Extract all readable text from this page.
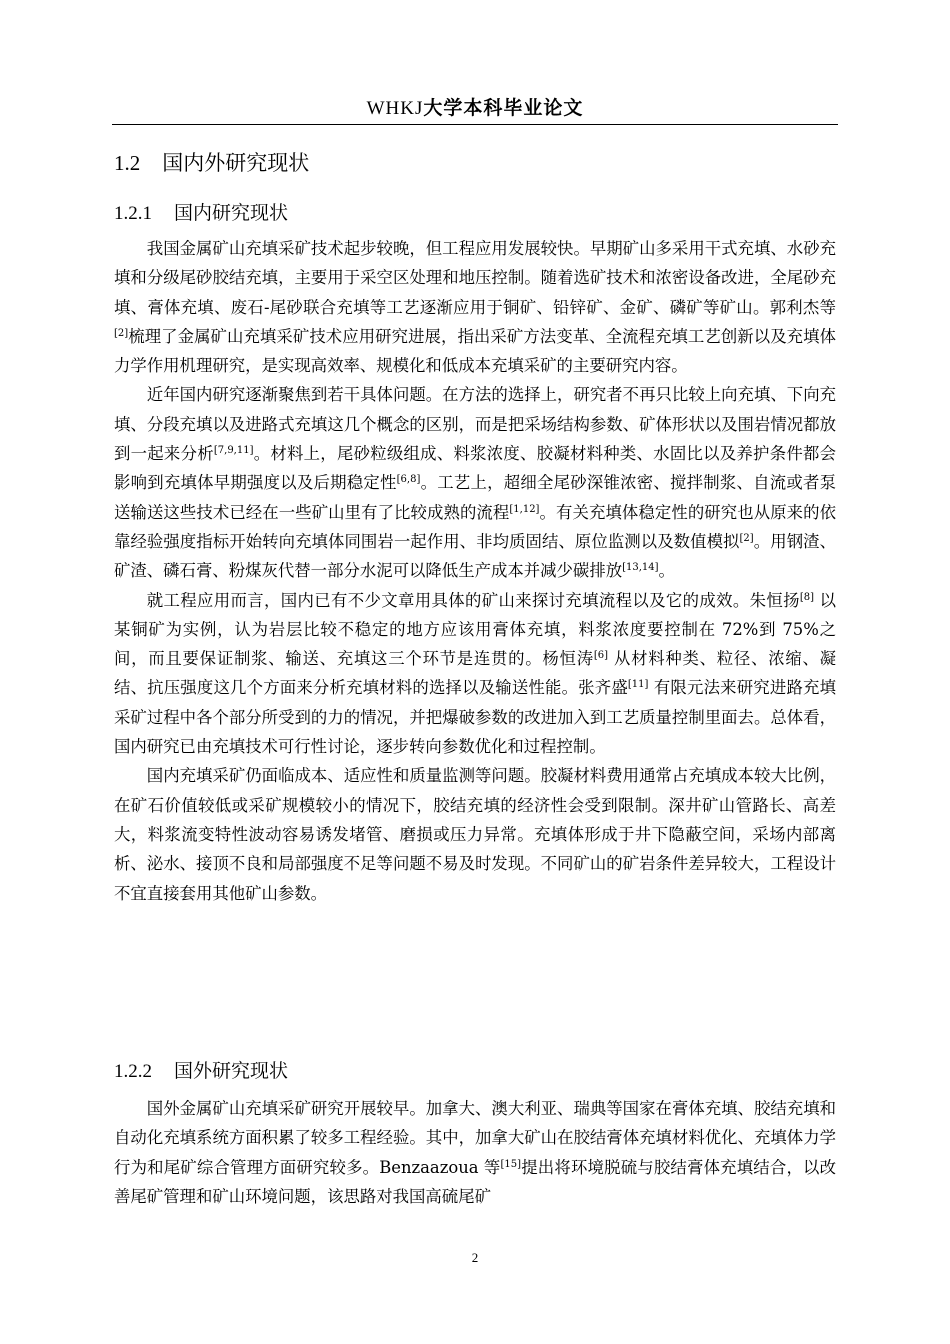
WHKJ大学本科毕业论文
1.2 国内外研究现状
1.2.1 国内研究现状

我国金属矿山充填采矿技术起步较晚，但工程应用发展较快。早期矿山多采用干式充填、水砂充填和分级尾砂胶结充填，主要用于采空区处理和地压控制。随着选矿技术和浓密设备改进，全尾砂充填、膏体充填、废石-尾砂联合充填等工艺逐渐应用于铜矿、铅锌矿、金矿、磷矿等矿山。郭利杰等[2]梳理了金属矿山充填采矿技术应用研究进展，指出采矿方法变革、全流程充填工艺创新以及充填体力学作用机理研究，是实现高效率、规模化和低成本充填采矿的主要研究内容。

近年国内研究逐渐聚焦到若干具体问题。在方法的选择上，研究者不再只比较上向充填、下向充填、分段充填以及进路式充填这几个概念的区别，而是把采场结构参数、矿体形状以及围岩情况都放到一起来分析[7,9,11]。材料上，尾砂粒级组成、料浆浓度、胶凝材料种类、水固比以及养护条件都会影响到充填体早期强度以及后期稳定性[6,8]。工艺上，超细全尾砂深锥浓密、搅拌制浆、自流或者泵送输送这些技术已经在一些矿山里有了比较成熟的流程[1,12]。有关充填体稳定性的研究也从原来的依靠经验强度指标开始转向充填体同围岩一起作用、非均质固结、原位监测以及数值模拟[2]。用钢渣、矿渣、磷石膏、粉煤灰代替一部分水泥可以降低生产成本并减少碳排放[13,14]。

就工程应用而言，国内已有不少文章用具体的矿山来探讨充填流程以及它的成效。朱恒扬[8] 以某铜矿为实例，认为岩层比较不稳定的地方应该用膏体充填，料浆浓度要控制在 72%到 75%之间，而且要保证制浆、输送、充填这三个环节是连贯的。杨恒涛[6] 从材料种类、粒径、浓缩、凝结、抗压强度这几个方面来分析充填材料的选择以及输送性能。张齐盛[11] 有限元法来研究进路充填采矿过程中各个部分所受到的力的情况，并把爆破参数的改进加入到工艺质量控制里面去。总体看，国内研究已由充填技术可行性讨论，逐步转向参数优化和过程控制。

国内充填采矿仍面临成本、适应性和质量监测等问题。胶凝材料费用通常占充填成本较大比例，在矿石价值较低或采矿规模较小的情况下，胶结充填的经济性会受到限制。深井矿山管路长、高差大，料浆流变特性波动容易诱发堵管、磨损或压力异常。充填体形成于井下隐蔽空间，采场内部离析、泌水、接顶不良和局部强度不足等问题不易及时发现。不同矿山的矿岩条件差异较大，工程设计不宜直接套用其他矿山参数。

1.2.2 国外研究现状

国外金属矿山充填采矿研究开展较早。加拿大、澳大利亚、瑞典等国家在膏体充填、胶结充填和自动化充填系统方面积累了较多工程经验。其中，加拿大矿山在胶结膏体充填材料优化、充填体力学行为和尾矿综合管理方面研究较多。Benzaazoua 等[15]提出将环境脱硫与胶结膏体充填结合，以改善尾矿管理和矿山环境问题，该思路对我国高硫尾矿

2
